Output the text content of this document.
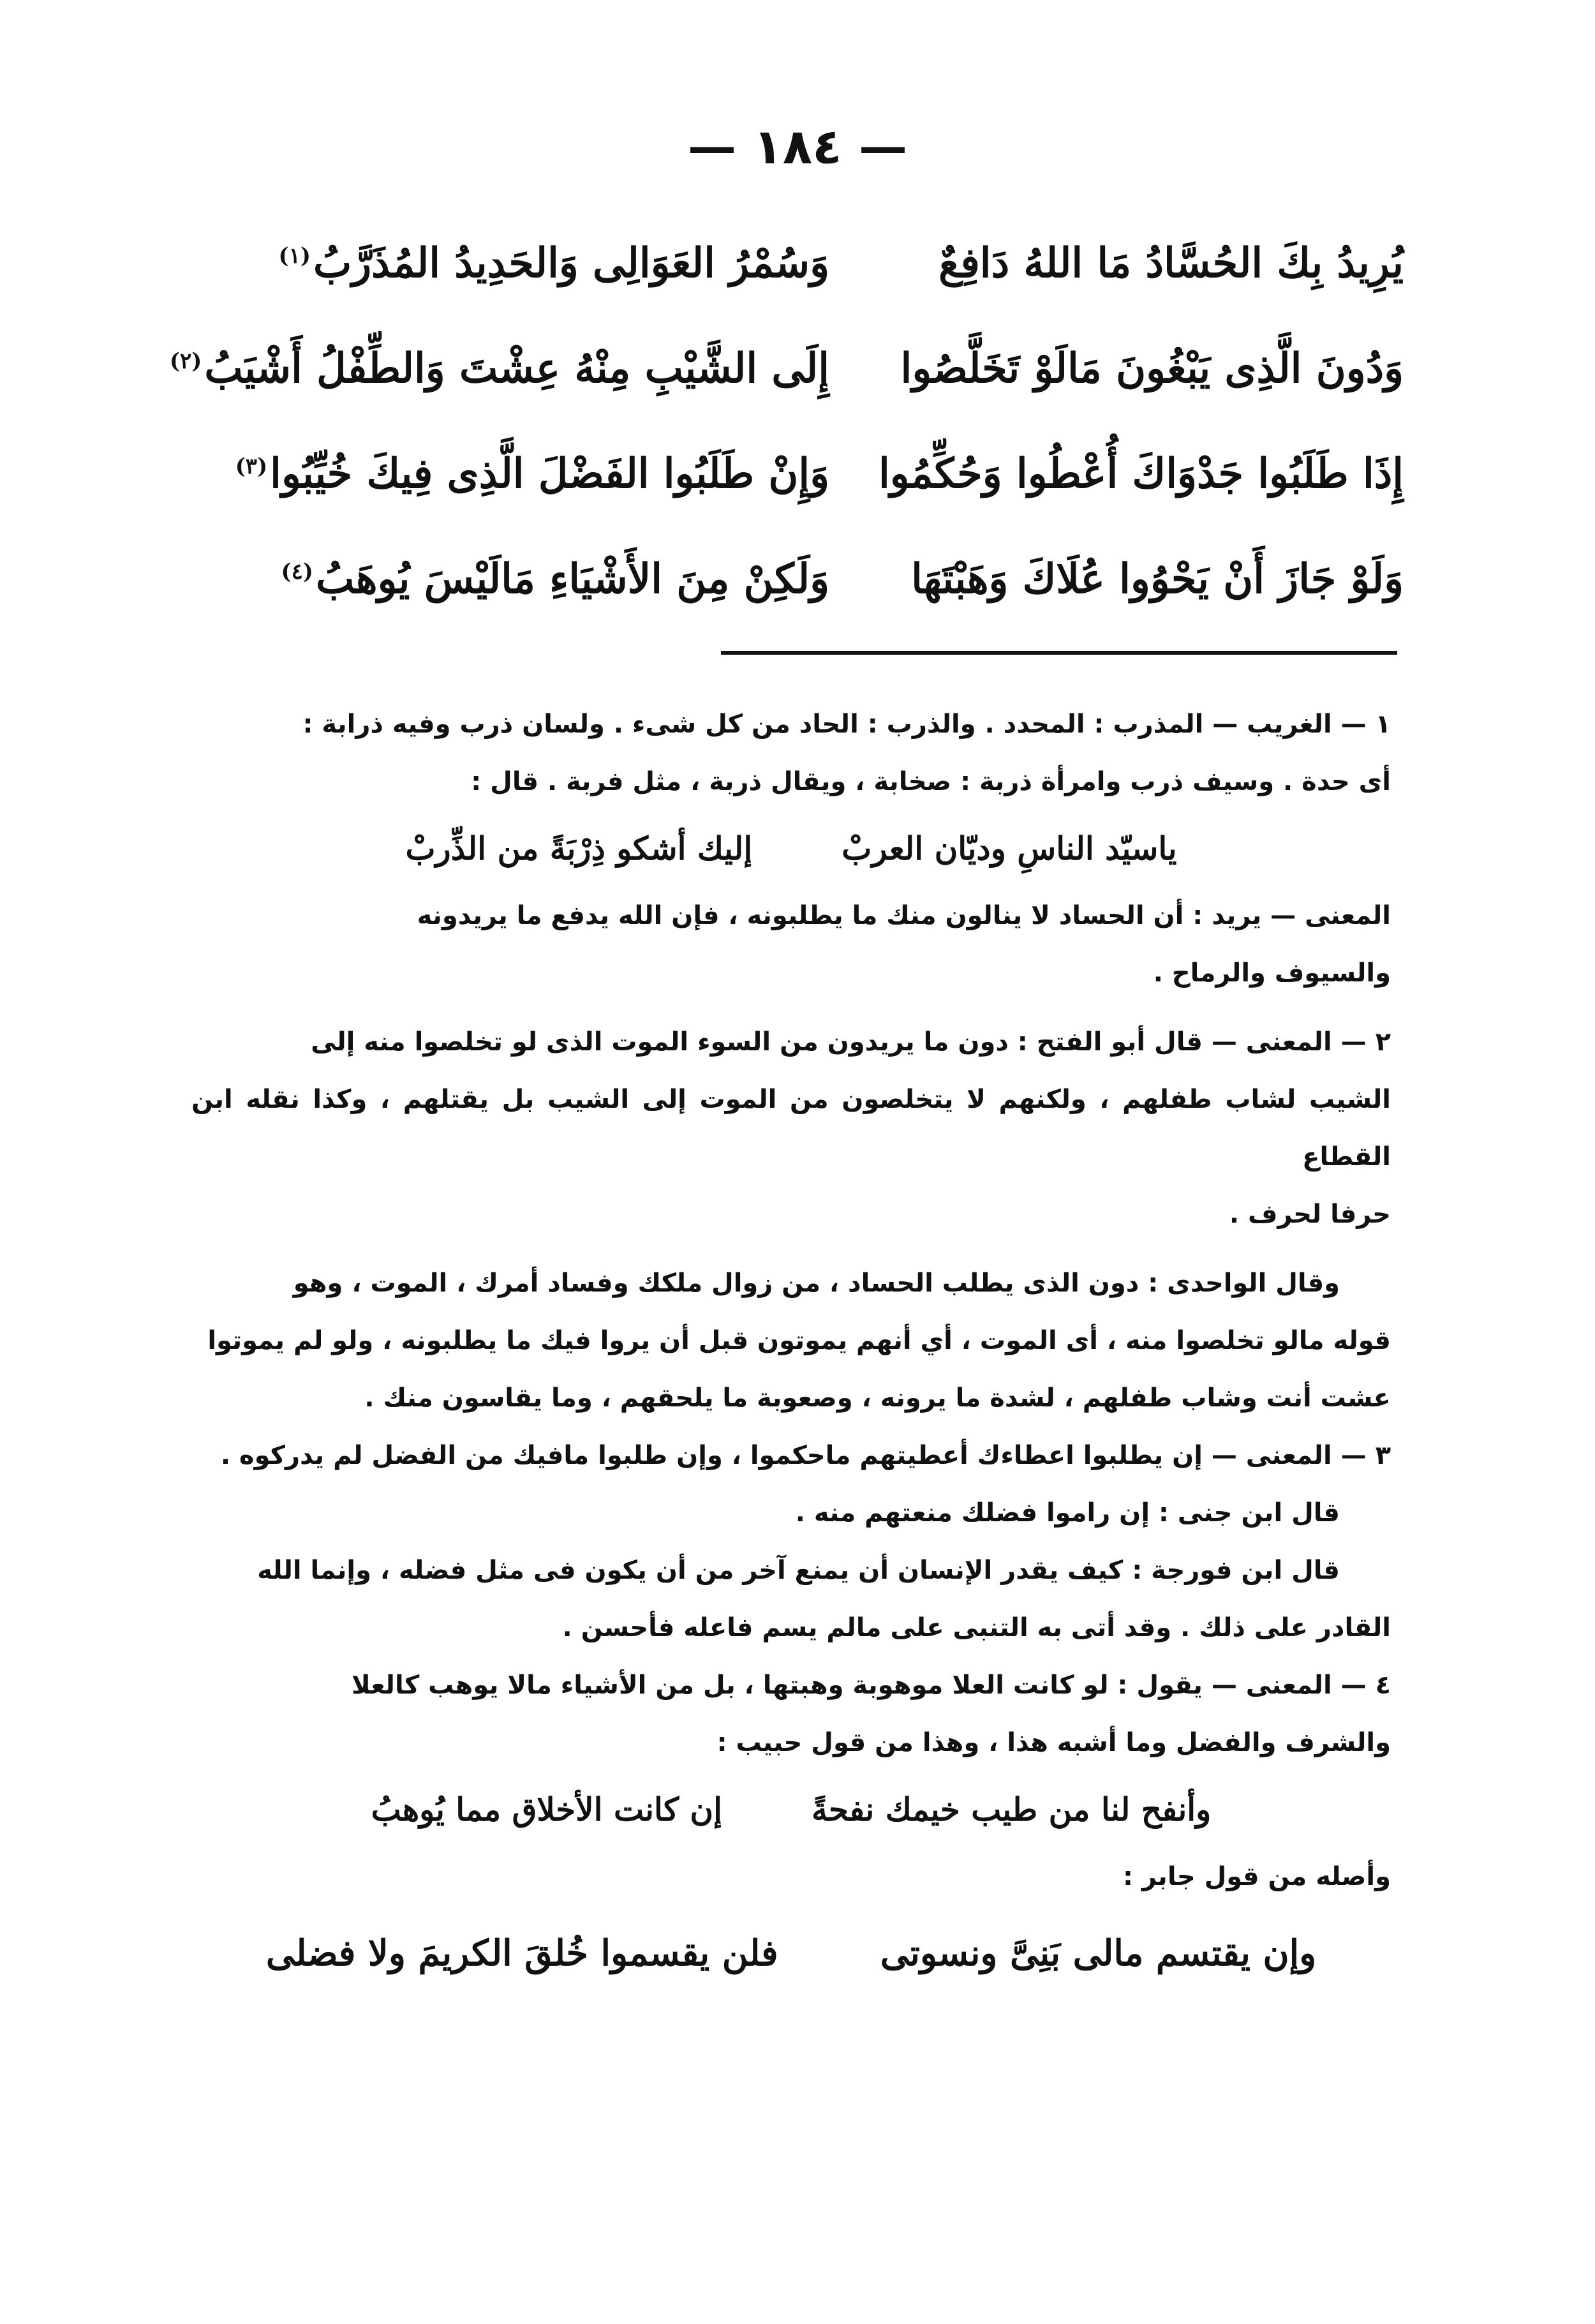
— ١٨٤ —
يُرِيدُ بِكَ الحُسَّادُ مَا اللهُ دَافِعٌ
وَسُمْرُ العَوَالِى وَالحَدِيدُ المُذَرَّبُ$^{(١)}$
وَدُونَ الَّذِى يَبْغُونَ مَالَوْ تَخَلَّصُوا
إِلَى الشَّيْبِ مِنْهُ عِشْتَ وَالطِّفْلُ أَشْيَبُ$^{(٢)}$
إِذَا طَلَبُوا جَدْوَاكَ أُعْطُوا وَحُكِّمُوا
وَإِنْ طَلَبُوا الفَضْلَ الَّذِى فِيكَ خُيِّبُوا$^{(٣)}$
وَلَوْ جَازَ أَنْ يَحْوُوا عُلَاكَ وَهَبْتَهَا
وَلَكِنْ مِنَ الأَشْيَاءِ مَالَيْسَ يُوهَبُ$^{(٤)}$

١ — الغريب — المذرب : المحدد . والذرب : الحاد من كل شىء . ولسان ذرب وفيه ذرابة :

أى حدة . وسيف ذرب وامرأة ذربة : صخابة ، ويقال ذربة ، مثل فربة . قال :

ياسيّد الناسِ وديّان العربْ
إليك أشكو ذِرْبَةً من الذِّربْ

المعنى — يريد : أن الحساد لا ينالون منك ما يطلبونه ، فإن الله يدفع ما يريدونه

والسيوف والرماح .

٢ — المعنى — قال أبو الفتح : دون ما يريدون من السوء الموت الذى لو تخلصوا منه إلى

الشيب لشاب طفلهم ، ولكنهم لا يتخلصون من الموت إلى الشيب بل يقتلهم ، وكذا نقله ابن القطاع

حرفا لحرف .

وقال الواحدى : دون الذى يطلب الحساد ، من زوال ملكك وفساد أمرك ، الموت ، وهو

قوله مالو تخلصوا منه ، أى الموت ، أي أنهم يموتون قبل أن يروا فيك ما يطلبونه ، ولو لم يموتوا

عشت أنت وشاب طفلهم ، لشدة ما يرونه ، وصعوبة ما يلحقهم ، وما يقاسون منك .

٣ — المعنى — إن يطلبوا اعطاءك أعطيتهم ماحكموا ، وإن طلبوا مافيك من الفضل لم يدركوه .

قال ابن جنى : إن راموا فضلك منعتهم منه .

قال ابن فورجة : كيف يقدر الإنسان أن يمنع آخر من أن يكون فى مثل فضله ، وإنما الله

القادر على ذلك . وقد أتى به التنبى على مالم يسم فاعله فأحسن .

٤ — المعنى — يقول : لو كانت العلا موهوبة وهبتها ، بل من الأشياء مالا يوهب كالعلا

والشرف والفضل وما أشبه هذا ، وهذا من قول حبيب :

وأنفح لنا من طيب خيمك نفحةً
إن كانت الأخلاق مما يُوهبُ

وأصله من قول جابر :

وإن يقتسم مالى بَنِىَّ ونسوتى
فلن يقسموا خُلقَ الكريمَ ولا فضلى
